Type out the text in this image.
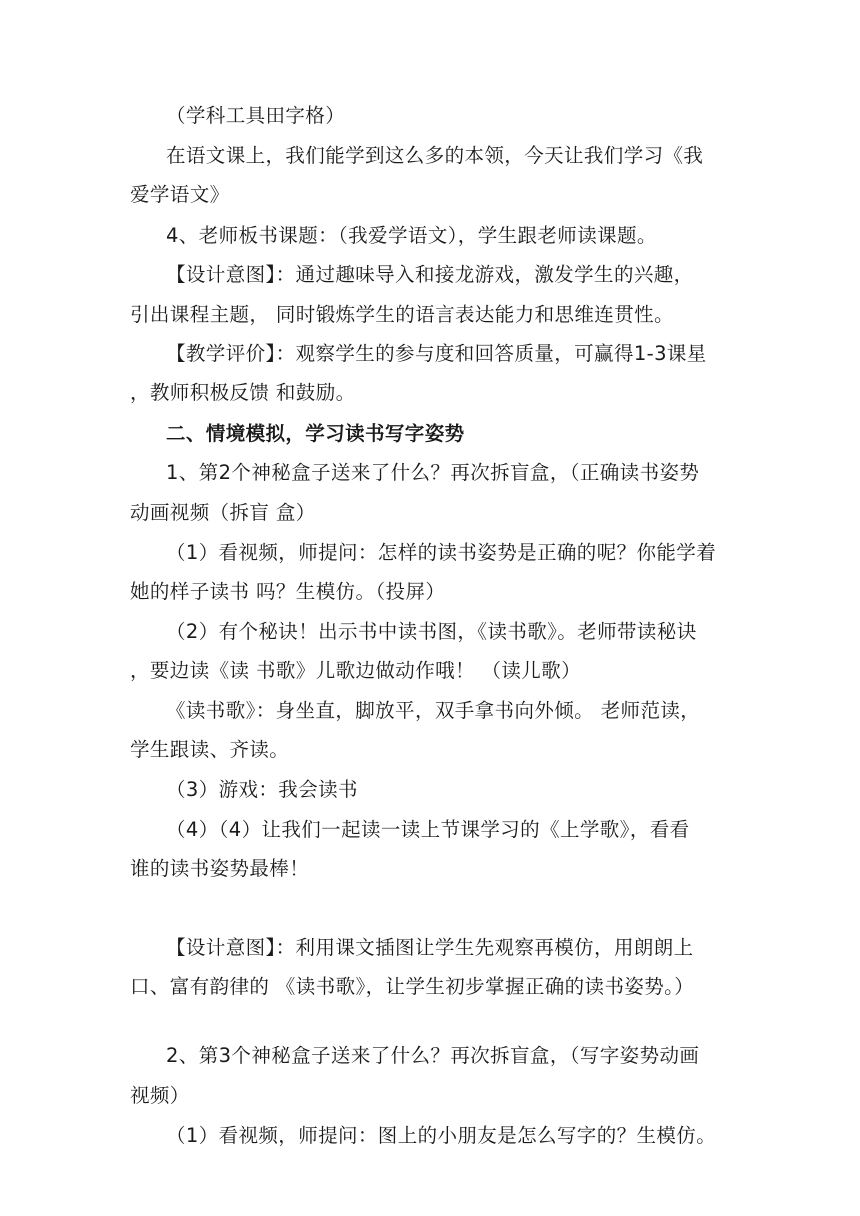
（学科工具田字格）
在语文课上，我们能学到这么多的本领，今天让我们学习《我
爱学语文》
4、老师板书课题：（我爱学语文），学生跟老师读课题。
【设计意图】：通过趣味导入和接龙游戏，激发学生的兴趣，
引出课程主题， 同时锻炼学生的语言表达能力和思维连贯性。
【教学评价】：观察学生的参与度和回答质量，可赢得1-3课星
，教师积极反馈 和鼓励。
二、情境模拟，学习读书写字姿势
1、第2个神秘盒子送来了什么？再次拆盲盒，（正确读书姿势
动画视频（拆盲 盒）
（1）看视频，师提问：怎样的读书姿势是正确的呢？你能学着
她的样子读书 吗？生模仿。（投屏）
（2）有个秘诀！出示书中读书图，《读书歌》。老师带读秘诀
，要边读《读 书歌》儿歌边做动作哦！ （读儿歌）
《读书歌》：身坐直，脚放平，双手拿书向外倾。 老师范读，
学生跟读、齐读。
（3）游戏：我会读书
（4）（4）让我们一起读一读上节课学习的《上学歌》，看看
谁的读书姿势最棒！
【设计意图】：利用课文插图让学生先观察再模仿，用朗朗上
口、富有韵律的 《读书歌》，让学生初步掌握正确的读书姿势。）
2、第3个神秘盒子送来了什么？再次拆盲盒，（写字姿势动画
视频）
（1）看视频，师提问：图上的小朋友是怎么写字的？生模仿。
